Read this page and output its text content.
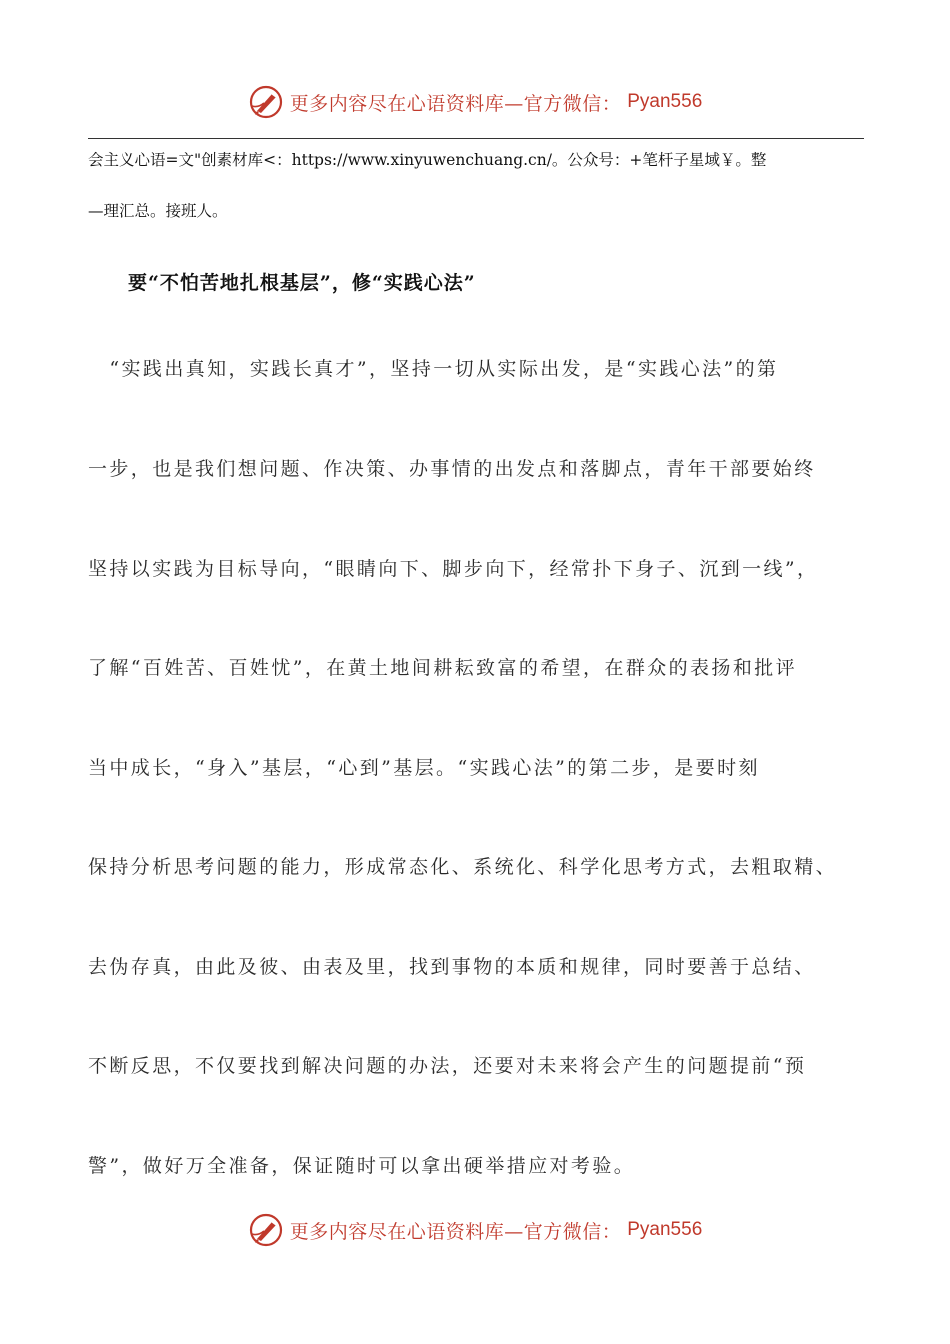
更多内容尽在心语资料库—官方微信： Pyan556
会主义心语=文"创素材库<：https://www.xinyuwenchuang.cn/。公众号：+笔杆子星域￥。整
—理汇总。接班人。
要“不怕苦地扎根基层”，修“实践心法”
　“实践出真知，实践长真才”，坚持一切从实际出发，是“实践心法”的第
一步，也是我们想问题、作决策、办事情的出发点和落脚点，青年干部要始终
坚持以实践为目标导向，“眼睛向下、脚步向下，经常扑下身子、沉到一线”，
了解“百姓苦、百姓忧”，在黄土地间耕耘致富的希望，在群众的表扬和批评
当中成长，“身入”基层，“心到”基层。“实践心法”的第二步，是要时刻
保持分析思考问题的能力，形成常态化、系统化、科学化思考方式，去粗取精、
去伪存真，由此及彼、由表及里，找到事物的本质和规律，同时要善于总结、
不断反思，不仅要找到解决问题的办法，还要对未来将会产生的问题提前“预
警”，做好万全准备，保证随时可以拿出硬举措应对考验。
更多内容尽在心语资料库—官方微信： Pyan556
